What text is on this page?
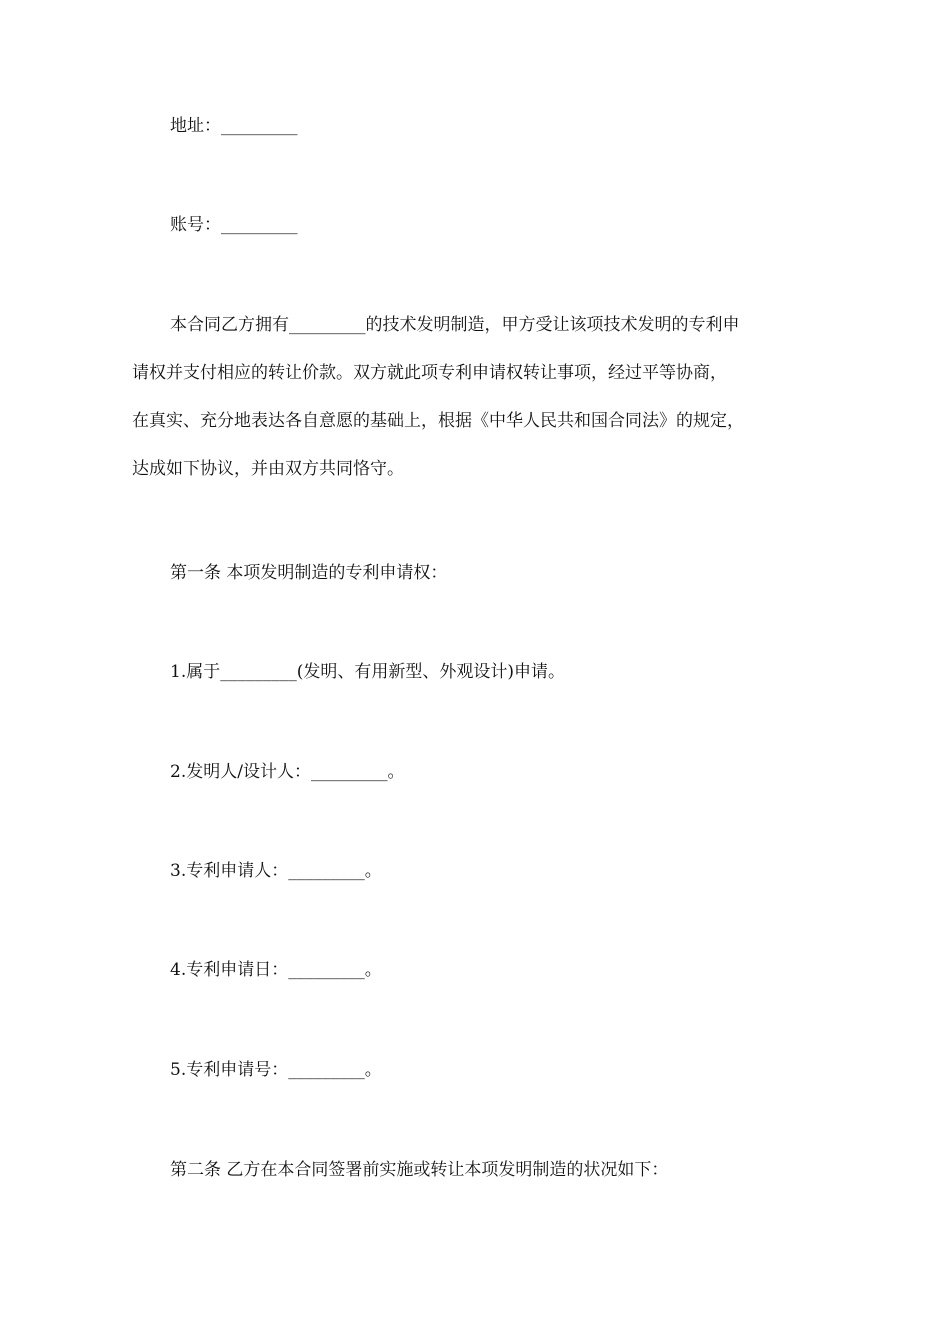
地址：_________
账号：_________
本合同乙方拥有_________的技术发明制造，甲方受让该项技术发明的专利申
请权并支付相应的转让价款。双方就此项专利申请权转让事项，经过平等协商，
在真实、充分地表达各自意愿的基础上，根据《中华人民共和国合同法》的规定，
达成如下协议，并由双方共同恪守。
第一条 本项发明制造的专利申请权：
1.属于_________(发明、有用新型、外观设计)申请。
2.发明人/设计人：_________。
3.专利申请人：_________。
4.专利申请日：_________。
5.专利申请号：_________。
第二条 乙方在本合同签署前实施或转让本项发明制造的状况如下：
